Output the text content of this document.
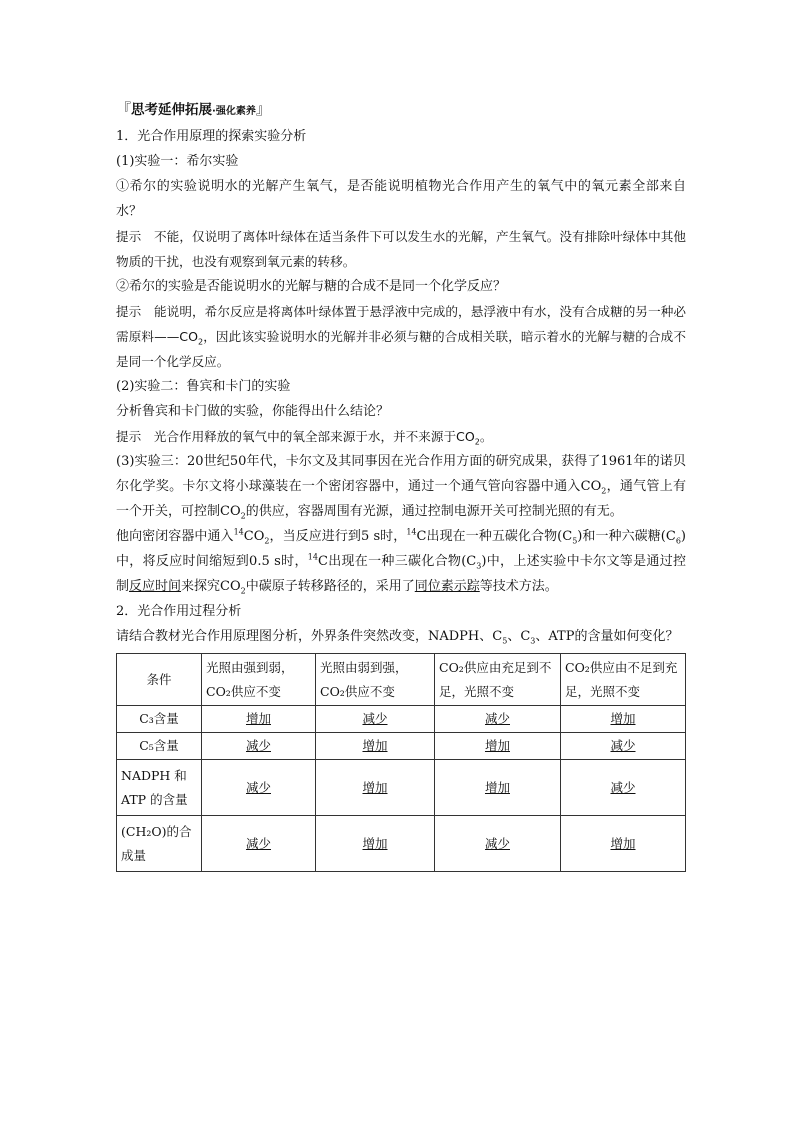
『思考延伸拓展·强化素养』

1．光合作用原理的探索实验分析

(1)实验一：希尔实验

①希尔的实验说明水的光解产生氧气，是否能说明植物光合作用产生的氧气中的氧元素全部来自水？

提示　不能，仅说明了离体叶绿体在适当条件下可以发生水的光解，产生氧气。没有排除叶绿体中其他物质的干扰，也没有观察到氧元素的转移。

②希尔的实验是否能说明水的光解与糖的合成不是同一个化学反应？

提示　能说明，希尔反应是将离体叶绿体置于悬浮液中完成的，悬浮液中有水，没有合成糖的另一种必需原料$——CO_2$，因此该实验说明水的光解并非必须与糖的合成相关联，暗示着水的光解与糖的合成不是同一个化学反应。

(2)实验二：鲁宾和卡门的实验

分析鲁宾和卡门做的实验，你能得出什么结论？

提示　光合作用释放的氧气中的氧全部来源于水，并不来源于$CO_2$。

(3)实验三：20世纪50年代，卡尔文及其同事因在光合作用方面的研究成果，获得了1961年的诺贝尔化学奖。卡尔文将小球藻装在一个密闭容器中，通过一个通气管向容器中通入$CO_2$，通气管上有一个开关，可控制$CO_2$的供应，容器周围有光源，通过控制电源开关可控制光照的有无。

他向密闭容器中通入$^{14}CO_2$，当反应进行到5 s时，$^{14}$C出现在一种五碳化合物$(C_5)$和一种六碳糖$(C_6)$中，将反应时间缩短到0.5 s时，$^{14}$C出现在一种三碳化合物$(C_3)$中，上述实验中卡尔文等是通过控制反应时间来探究$CO_2$中碳原子转移路径的，采用了同位素示踪等技术方法。

2．光合作用过程分析

请结合教材光合作用原理图分析，外界条件突然改变，NADPH、$C_5$、$C_3$、ATP的含量如何变化？

条件	光照由强到弱，CO₂供应不变	光照由弱到强，CO₂供应不变	CO₂供应由充足到不足，光照不变	CO₂供应由不足到充足，光照不变
C₃含量	增加	减少	减少	增加
C₅含量	减少	增加	增加	减少
NADPH 和 ATP 的含量	减少	增加	增加	减少
(CH₂O)的合成量	减少	增加	减少	增加
